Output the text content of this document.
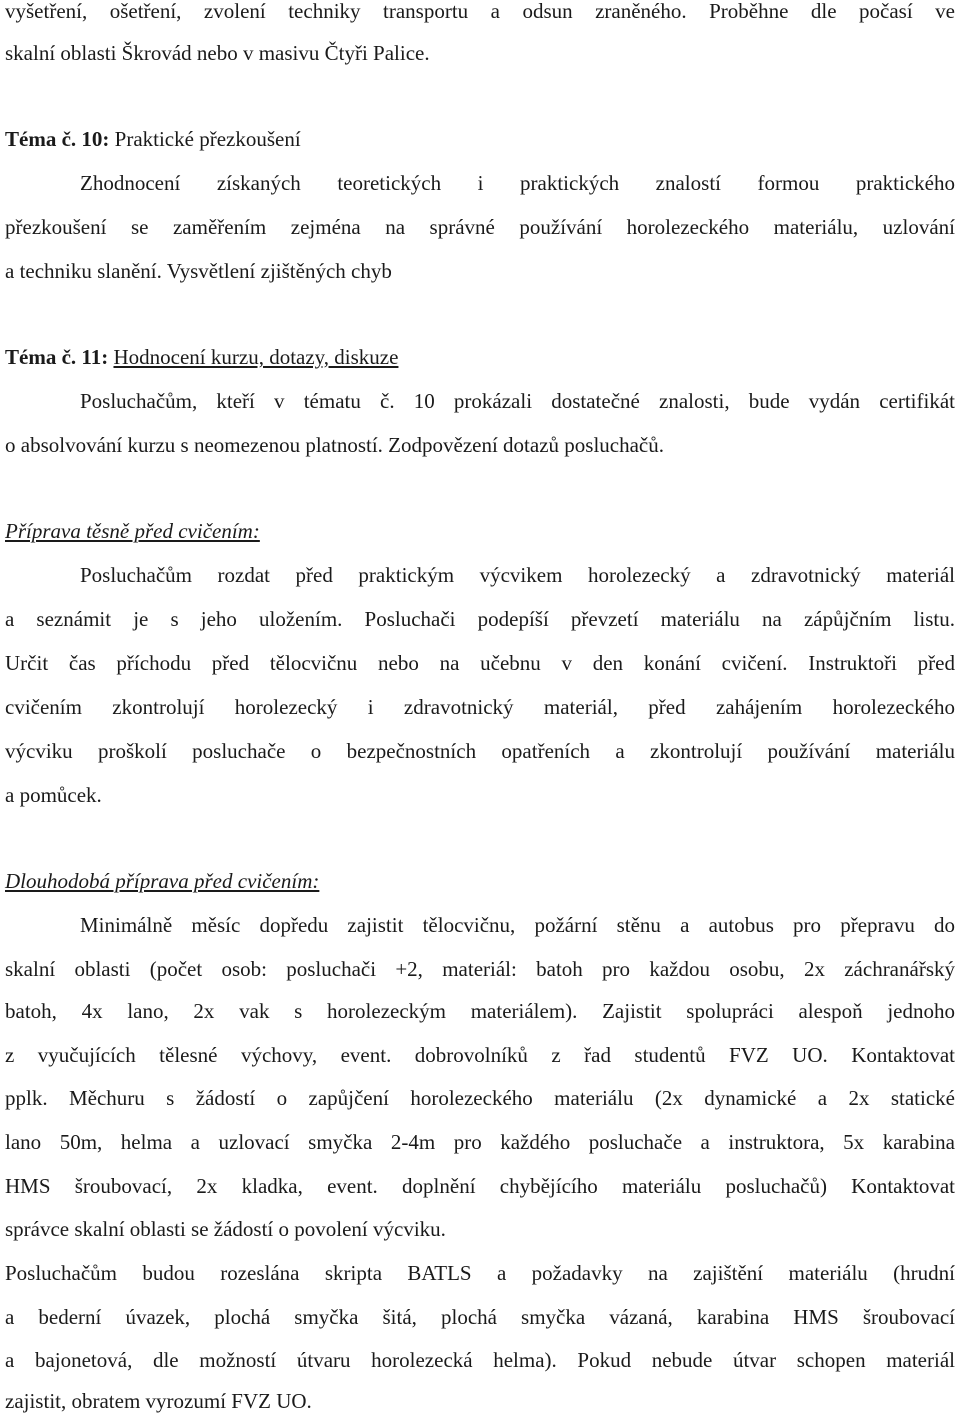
vyšetření, ošetření, zvolení techniky transportu a odsun zraněného. Proběhne dle počasí ve
skalní oblasti Škrovád nebo v masivu Čtyři Palice.
Téma č. 10: Praktické přezkoušení
Zhodnocení získaných teoretických i praktických znalostí formou praktického
přezkoušení se zaměřením zejména na správné používání horolezeckého materiálu, uzlování
a techniku slanění. Vysvětlení zjištěných chyb
Téma č. 11: Hodnocení kurzu, dotazy, diskuze
Posluchačům, kteří v tématu č. 10 prokázali dostatečné znalosti, bude vydán certifikát
o absolvování kurzu s neomezenou platností. Zodpovězení dotazů posluchačů.
Příprava těsně před cvičením:
Posluchačům rozdat před praktickým výcvikem horolezecký a zdravotnický materiál
a seznámit je s jeho uložením. Posluchači podepíší převzetí materiálu na zápůjčním listu.
Určit čas příchodu před tělocvičnu nebo na učebnu v den konání cvičení. Instruktoři před
cvičením zkontrolují horolezecký i zdravotnický materiál, před zahájením horolezeckého
výcviku proškolí posluchače o bezpečnostních opatřeních a zkontrolují používání materiálu
a pomůcek.
Dlouhodobá příprava před cvičením:
Minimálně měsíc dopředu zajistit tělocvičnu, požární stěnu a autobus pro přepravu do
skalní oblasti (počet osob: posluchači +2, materiál: batoh pro každou osobu, 2x záchranářský
batoh, 4x lano, 2x vak s horolezeckým materiálem). Zajistit spolupráci alespoň jednoho
z vyučujících tělesné výchovy, event. dobrovolníků z řad studentů FVZ UO. Kontaktovat
pplk. Měchuru s žádostí o zapůjčení horolezeckého materiálu (2x dynamické a 2x statické
lano 50m, helma a uzlovací smyčka 2-4m pro každého posluchače a instruktora, 5x karabina
HMS šroubovací, 2x kladka, event. doplnění chybějícího materiálu posluchačů) Kontaktovat
správce skalní oblasti se žádostí o povolení výcviku.
Posluchačům budou rozeslána skripta BATLS a požadavky na zajištění materiálu (hrudní
a bederní úvazek, plochá smyčka šitá, plochá smyčka vázaná, karabina HMS šroubovací
a bajonetová, dle možností útvaru horolezecká helma). Pokud nebude útvar schopen materiál
zajistit, obratem vyrozumí FVZ UO.
